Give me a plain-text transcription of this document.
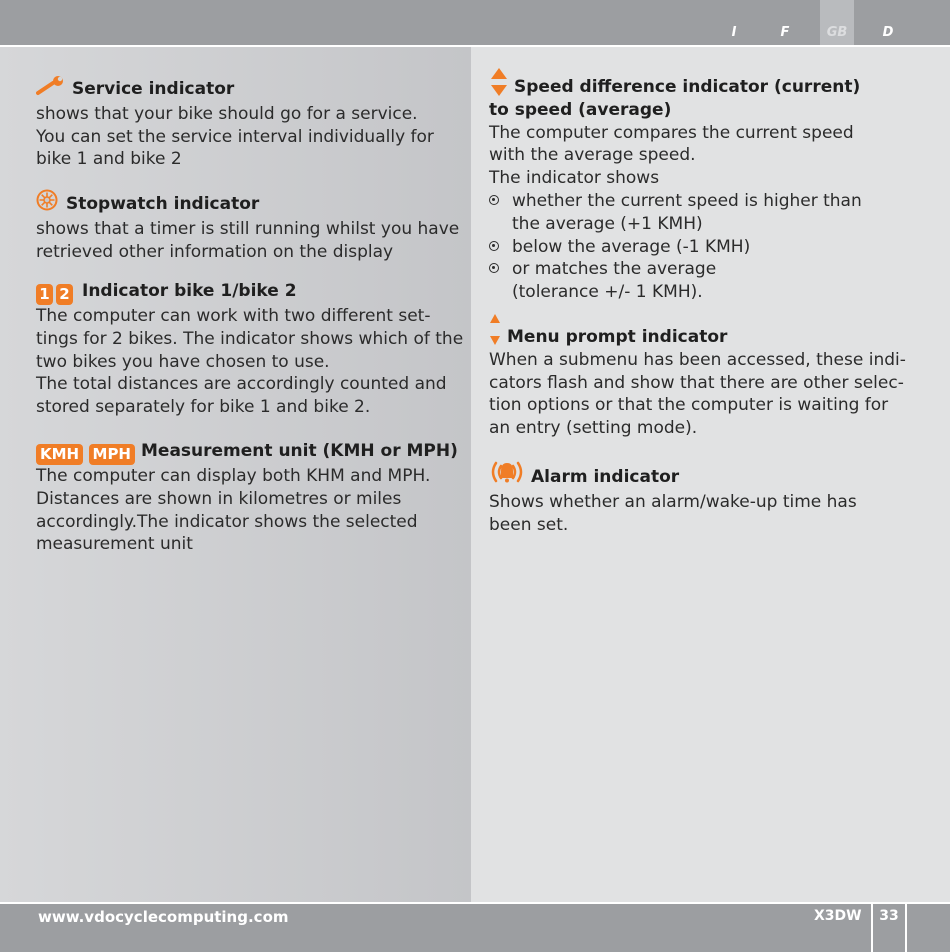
I	F	GB	D
Service indicator

shows that your bike should go for a service.
You can set the service interval individually for
bike 1 and bike 2

Stopwatch indicator

shows that a timer is still running whilst you have
retrieved other information on the display

1 2 Indicator bike 1/bike 2

The computer can work with two different set-
tings for 2 bikes. The indicator shows which of the
two bikes you have chosen to use.
The total distances are accordingly counted and
stored separately for bike 1 and bike 2.

KMH MPH Measurement unit (KMH or MPH)

The computer can display both KHM and MPH.
Distances are shown in kilometres or miles
accordingly.The indicator shows the selected
measurement unit

Speed difference indicator (current)
to speed (average)

The computer compares the current speed
with the average speed.
The indicator shows

whether the current speed is higher than
the average (+1 KMH)
below the average (-1 KMH)
or matches the average
(tolerance +/- 1 KMH).
Menu prompt indicator

When a submenu has been accessed, these indi-
cators flash and show that there are other selec-
tion options or that the computer is waiting for
an entry (setting mode).

Alarm indicator

Shows whether an alarm/wake-up time has
been set.

www.vdocyclecomputing.com	X3DW	33
